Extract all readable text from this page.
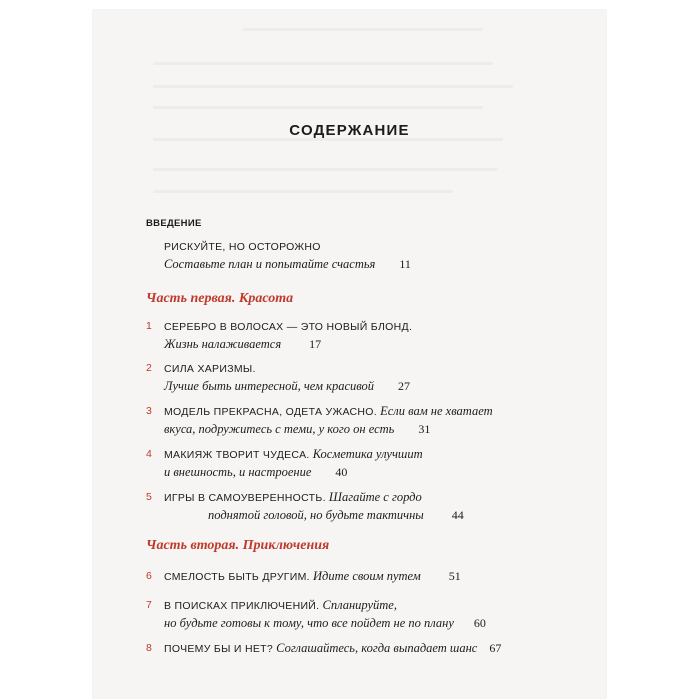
СОДЕРЖАНИЕ
ВВЕДЕНИЕ
РИСКУЙТЕ, НО ОСТОРОЖНО
Составьте план и попытайте счастья 11
Часть первая. Красота
1	СЕРЕБРО В ВОЛОСАХ — ЭТО НОВЫЙ БЛОНД.
Жизнь налаживается 17
2	СИЛА ХАРИЗМЫ.
Лучше быть интересной, чем красивой 27
3	МОДЕЛЬ ПРЕКРАСНА, ОДЕТА УЖАСНО. Если вам не хватает
вкуса, подружитесь с теми, у кого он есть 31
4	МАКИЯЖ ТВОРИТ ЧУДЕСА. Косметика улучшит
и внешность, и настроение 40
5	ИГРЫ В САМОУВЕРЕННОСТЬ. Шагайте с гордо
поднятой головой, но будьте тактичны 44
Часть вторая. Приключения
6	СМЕЛОСТЬ БЫТЬ ДРУГИМ. Идите своим путем 51
7	В ПОИСКАХ ПРИКЛЮЧЕНИЙ. Спланируйте,
но будьте готовы к тому, что все пойдет не по плану 60
8	ПОЧЕМУ БЫ И НЕТ? Соглашайтесь, когда выпадает шанс 67
